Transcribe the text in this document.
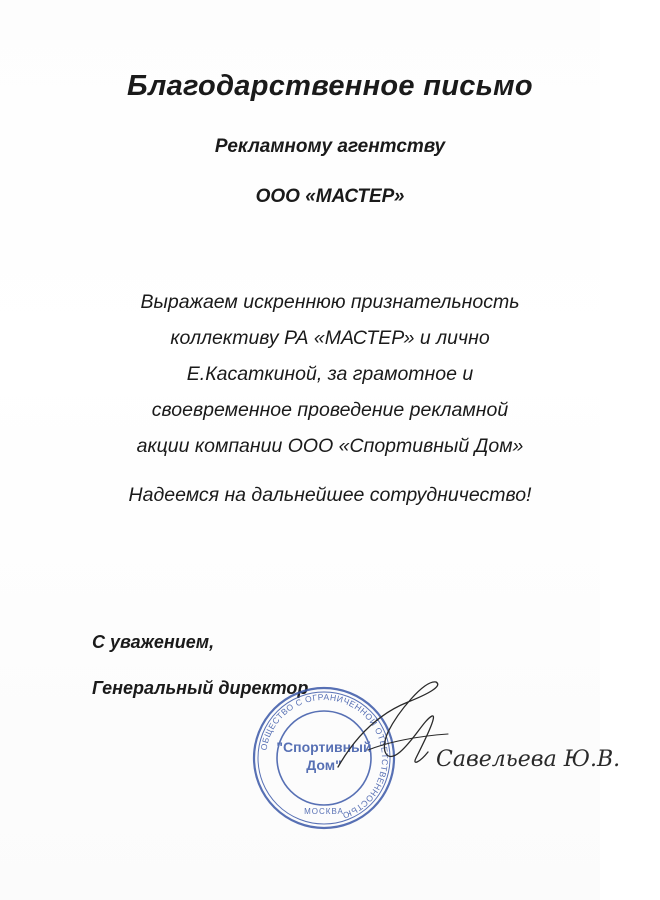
Благодарственное письмо
Рекламному агентству
ООО «МАСТЕР»
Выражаем искреннюю признательность
коллективу РА «МАСТЕР» и лично
Е.Касаткиной, за грамотное и
своевременное проведение рекламной
акции компании ООО «Спортивный Дом»
Надеемся на дальнейшее сотрудничество!
С уважением,
Генеральный директор
ОБЩЕСТВО С ОГРАНИЧЕННОЙ ОТВЕТСТВЕННОСТЬЮ
"Спортивный
Дом"
МОСКВА
Савельева Ю.В.
